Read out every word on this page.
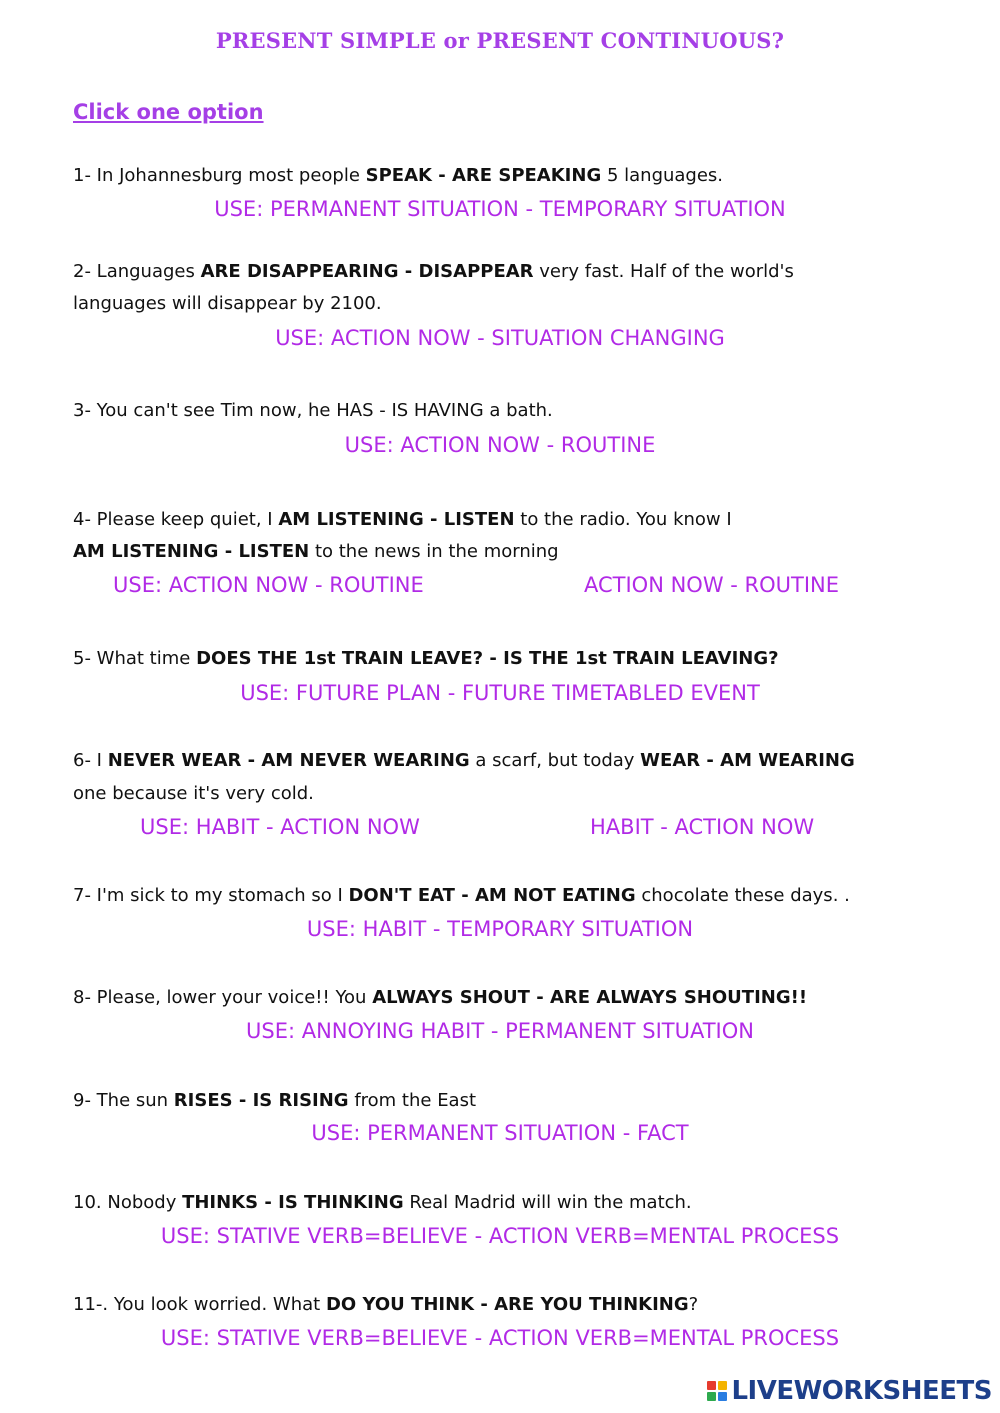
PRESENT SIMPLE or PRESENT CONTINUOUS?
Click one option
1- In Johannesburg most people SPEAK - ARE SPEAKING 5 languages.
USE: PERMANENT SITUATION - TEMPORARY SITUATION
2- Languages ARE DISAPPEARING - DISAPPEAR very fast. Half of the world's
languages will disappear by 2100.
USE: ACTION NOW - SITUATION CHANGING
3- You can't see Tim now, he HAS - IS HAVING a bath.
USE: ACTION NOW - ROUTINE
4- Please keep quiet, I AM LISTENING - LISTEN to the radio. You know I
AM LISTENING - LISTEN to the news in the morning
USE: ACTION NOW - ROUTINE	ACTION NOW - ROUTINE
5- What time DOES THE 1st TRAIN LEAVE? - IS THE 1st TRAIN LEAVING?
USE: FUTURE PLAN - FUTURE TIMETABLED EVENT
6- I NEVER WEAR - AM NEVER WEARING a scarf, but today WEAR - AM WEARING
one because it's very cold.
USE: HABIT - ACTION NOW	HABIT - ACTION NOW
7- I'm sick to my stomach so I DON'T EAT - AM NOT EATING chocolate these days. .
USE: HABIT - TEMPORARY SITUATION
8- Please, lower your voice!! You ALWAYS SHOUT - ARE ALWAYS SHOUTING!!
USE: ANNOYING HABIT - PERMANENT SITUATION
9- The sun RISES - IS RISING from the East
USE: PERMANENT SITUATION - FACT
10. Nobody THINKS - IS THINKING Real Madrid will win the match.
USE: STATIVE VERB=BELIEVE - ACTION VERB=MENTAL PROCESS
11-. You look worried. What DO YOU THINK - ARE YOU THINKING?
USE: STATIVE VERB=BELIEVE - ACTION VERB=MENTAL PROCESS
LIVEWORKSHEETS
